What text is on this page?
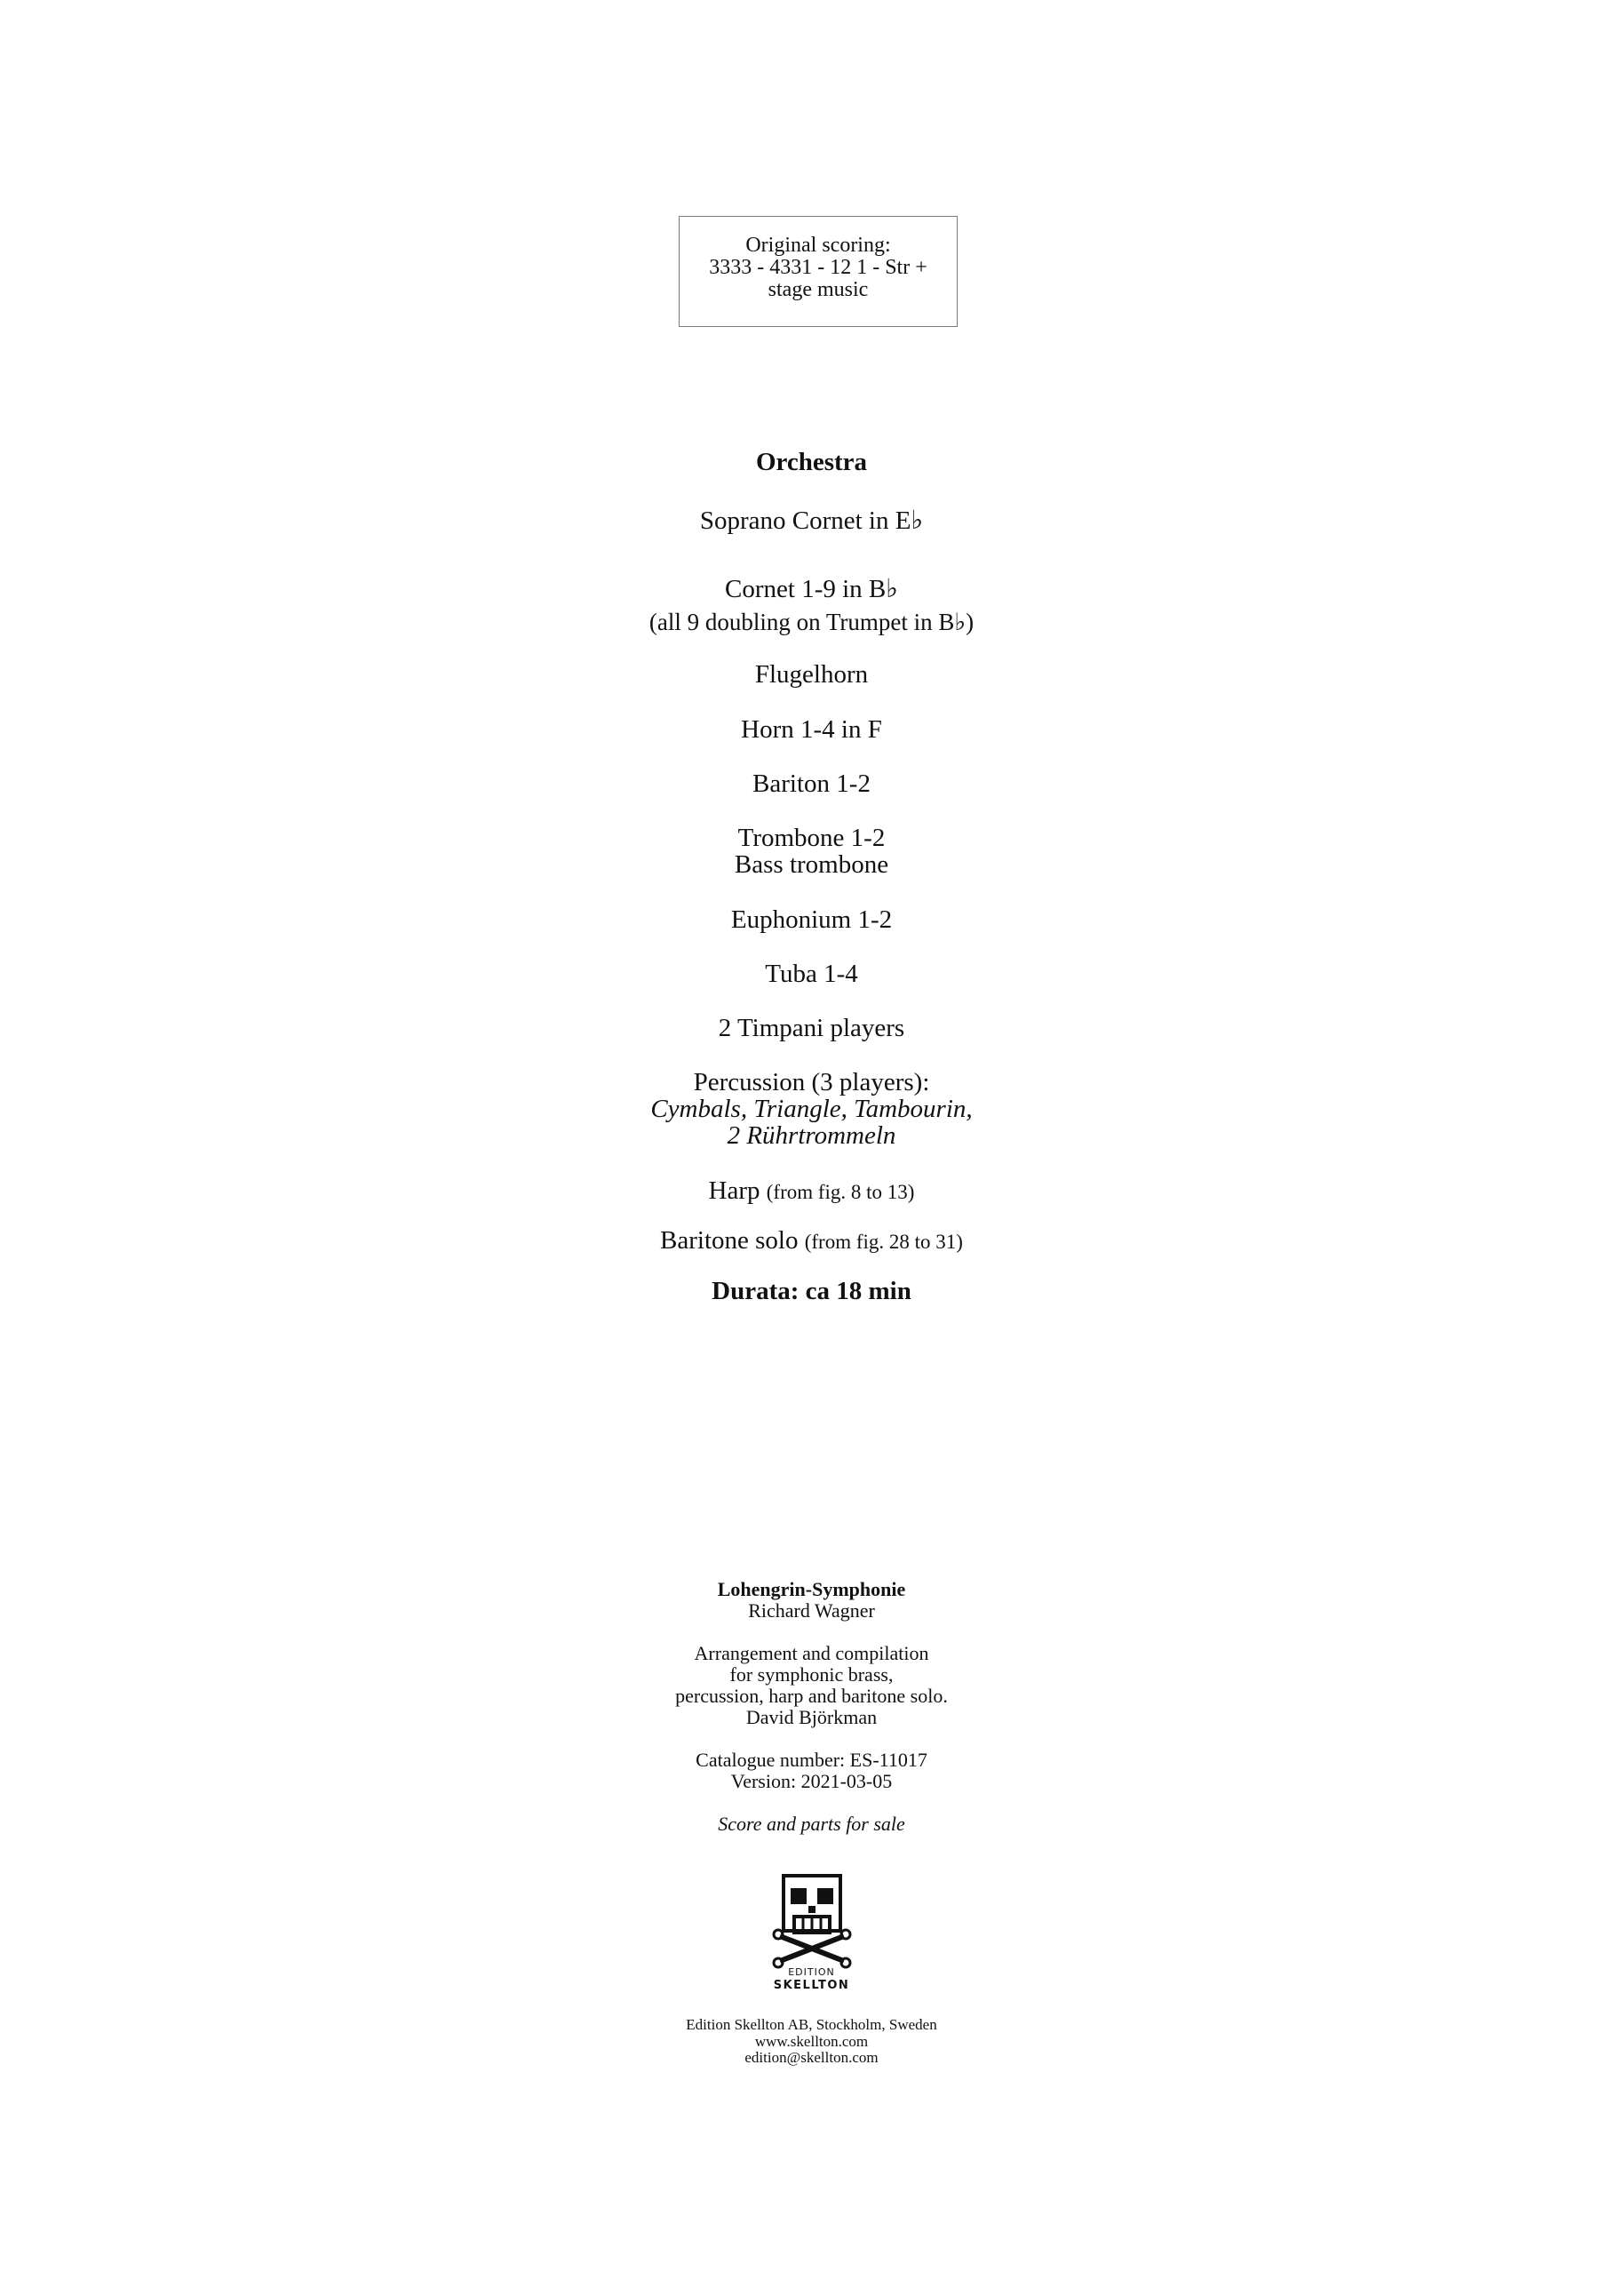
Original scoring:
3333 - 4331 - 12 1 - Str +
stage music
Orchestra
Soprano Cornet in E♭
Cornet 1-9 in B♭
(all 9 doubling on Trumpet in B♭)
Flugelhorn
Horn 1-4 in F
Bariton 1-2
Trombone 1-2
Bass trombone
Euphonium 1-2
Tuba 1-4
2 Timpani players
Percussion (3 players):
Cymbals, Triangle, Tambourin,
2 Rührtrommeln
Harp (from fig. 8 to 13)
Baritone solo (from fig. 28 to 31)
Durata: ca 18 min
Lohengrin-Symphonie
Richard Wagner
Arrangement and compilation
for symphonic brass,
percussion, harp and baritone solo.
David Björkman
Catalogue number: ES-11017
Version: 2021-03-05
Score and parts for sale
EDITION
SKELLTON
Edition Skellton AB, Stockholm, Sweden
www.skellton.com
edition@skellton.com
